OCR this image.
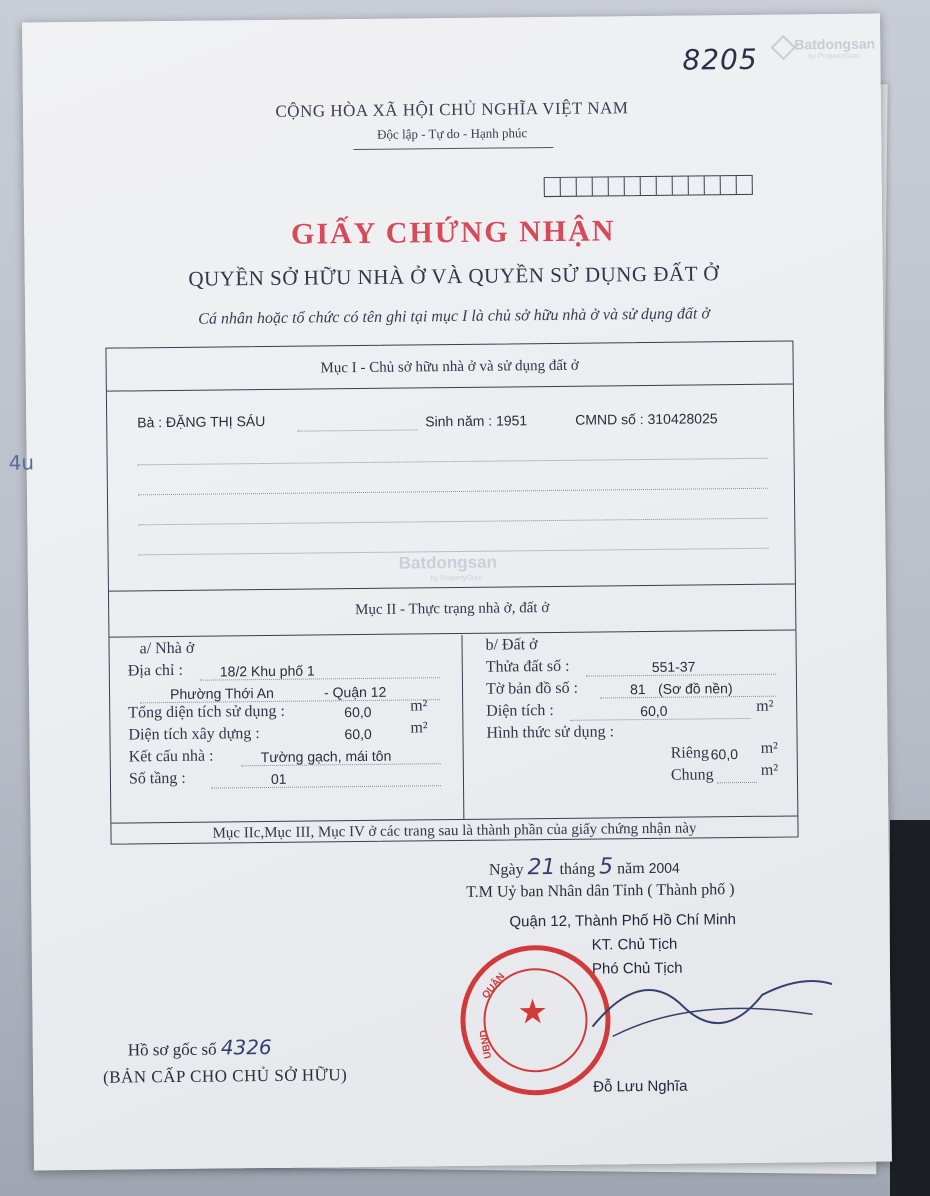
4u
8205	Batdongsan
by PropertyGuru
CỘNG HÒA XÃ HỘI CHỦ NGHĨA VIỆT NAM
Độc lập - Tự do - Hạnh phúc
GIẤY CHỨNG NHẬN
QUYỀN SỞ HỮU NHÀ Ở VÀ QUYỀN SỬ DỤNG ĐẤT Ở
Cá nhân hoặc tổ chức có tên ghi tại mục I là chủ sở hữu nhà ở và sử dụng đất ở
Mục I - Chủ sở hữu nhà ở và sử dụng đất ở
Bà : ĐẶNG THỊ SÁU	Sinh năm : 1951	CMND số : 310428025
Mục II - Thực trạng nhà ở, đất ở
a/ Nhà ở
Địa chỉ :	18/2 Khu phố 1
Phường Thới An	- Quận 12
Tổng diện tích sử dụng :	60,0 m²
Diện tích xây dựng :	60,0 m²
Kết cấu nhà :	Tường gạch, mái tôn
Số tầng :	01
b/ Đất ở
Thửa đất số :	551-37
Tờ bản đồ số :	81 (Sơ đồ nền)
Diện tích :	60,0	m²
Hình thức sử dụng :
Riêng 60,0 m²
Chung	m²
Mục IIc,Mục III, Mục IV ở các trang sau là thành phần của giấy chứng nhận này
Batdongsan
by PropertyGuru
Ngày 21 tháng 5 năm 2004
T.M Uỷ ban Nhân dân Tỉnh ( Thành phố )
Quận 12, Thành Phố Hồ Chí Minh
KT. Chủ Tịch
Phó Chủ Tịch
★
QUẬN
UBND
Đỗ Lưu Nghĩa
Hồ sơ gốc số 4326
(BẢN CẤP CHO CHỦ SỞ HỮU)
